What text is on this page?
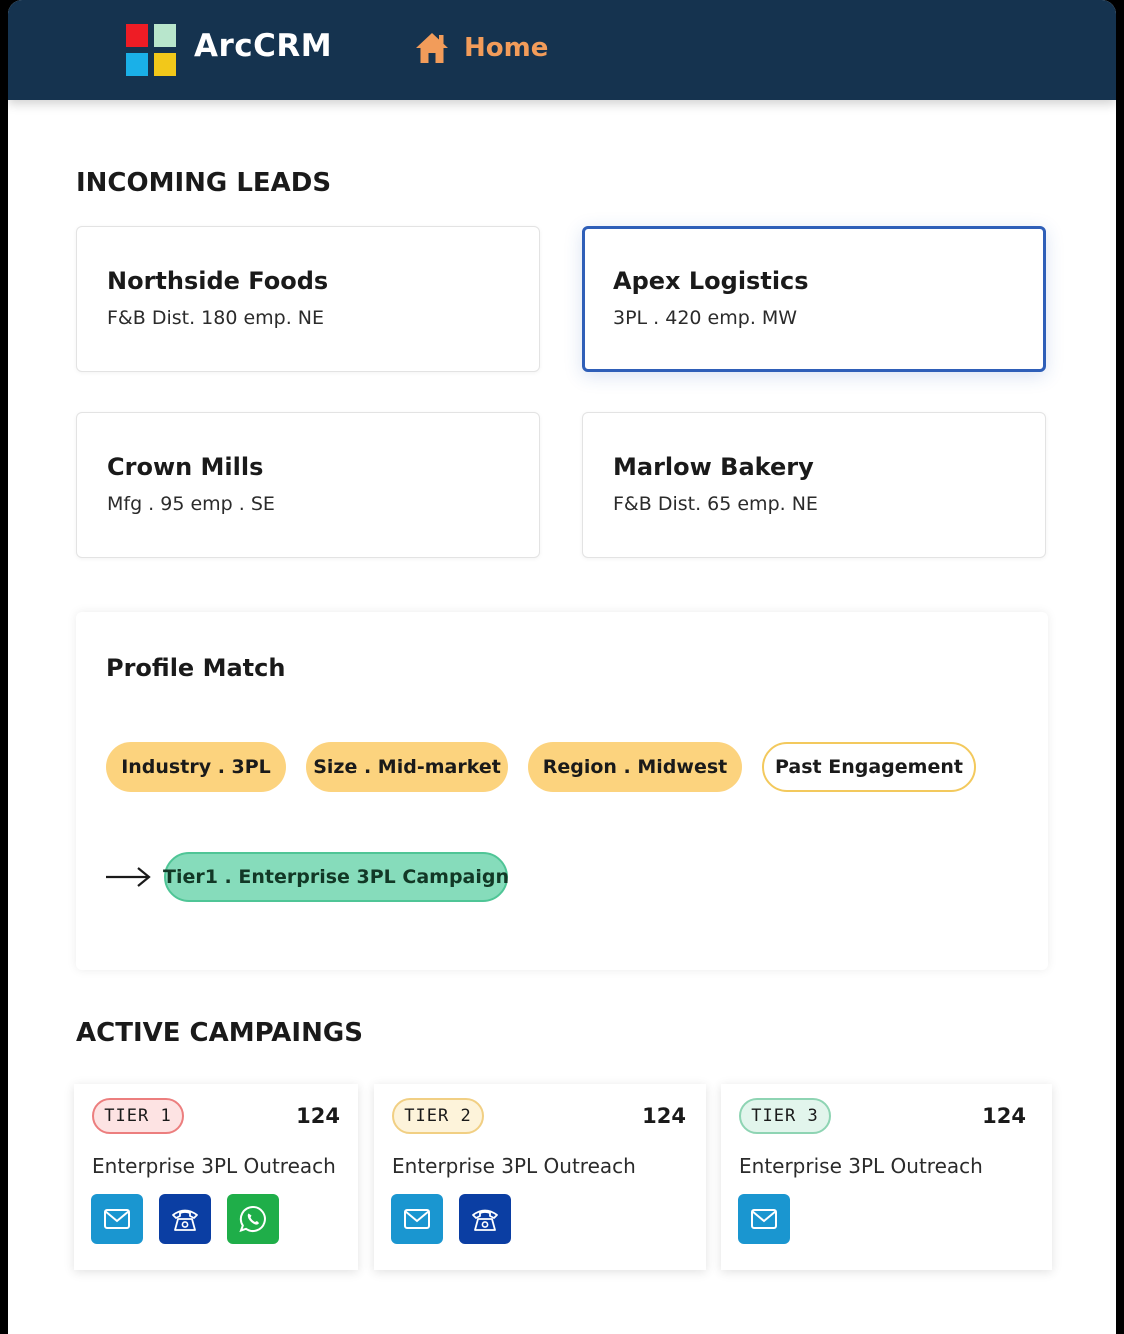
ArcCRM	Home
INCOMING LEADS
Northside Foods
F&B Dist. 180 emp. NE
Apex Logistics
3PL . 420 emp. MW
Crown Mills
Mfg . 95 emp . SE
Marlow Bakery
F&B Dist. 65 emp. NE
Profile Match
Industry . 3PL	Size . Mid-market	Region . Midwest	Past Engagement
Tier1 . Enterprise 3PL Campaign
ACTIVE CAMPAINGS
TIER 1	124
Enterprise 3PL Outreach
TIER 2	124
Enterprise 3PL Outreach
TIER 3	124
Enterprise 3PL Outreach
